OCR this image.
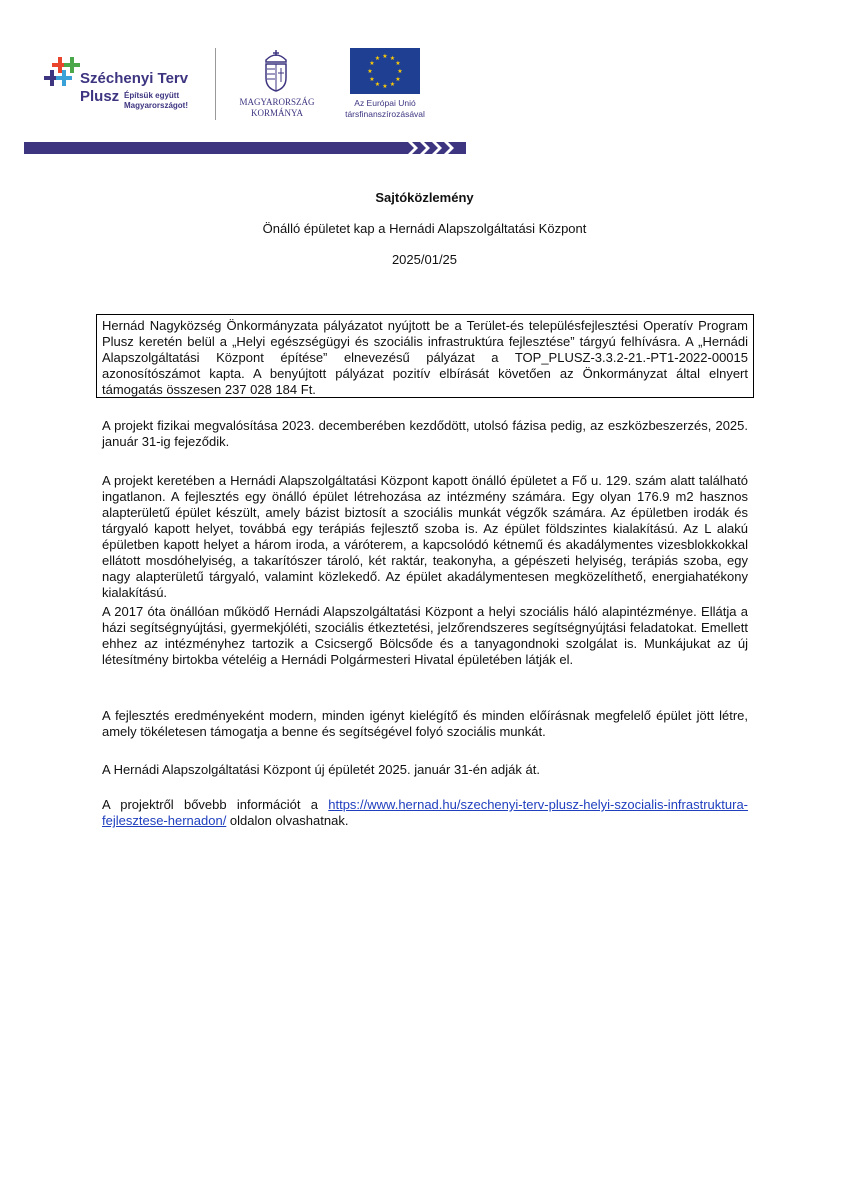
Széchenyi Terv
Plusz Építsük együtt
Magyarországot!	MAGYARORSZÁG
KORMÁNYA
★ ★
★
★
★
★
★
★
★
★
★
★
Az Európai Unió
társfinanszírozásával
Sajtóközlemény
Önálló épületet kap a Hernádi Alapszolgáltatási Központ
2025/01/25

Hernád Nagyközség Önkormányzata pályázatot nyújtott be a Terület-és településfejlesztési Operatív Program Plusz keretén belül a „Helyi egészségügyi és szociális infrastruktúra fejlesztése” tárgyú felhívásra. A „Hernádi Alapszolgáltatási Központ építése” elnevezésű pályázat a TOP_PLUSZ-3.3.2-21.-PT1-2022-00015 azonosítószámot kapta. A benyújtott pályázat pozitív elbírását követően az Önkormányzat által elnyert támogatás összesen 237 028 184 Ft.

A projekt fizikai megvalósítása 2023. decemberében kezdődött, utolsó fázisa pedig, az eszközbeszerzés, 2025. január 31-ig fejeződik.
A projekt keretében a Hernádi Alapszolgáltatási Központ kapott önálló épületet a Fő u. 129. szám alatt található ingatlanon. A fejlesztés egy önálló épület létrehozása az intézmény számára. Egy olyan 176.9 m2 hasznos alapterületű épület készült, amely bázist biztosít a szociális munkát végzők számára. Az épületben irodák és tárgyaló kapott helyet, továbbá egy terápiás fejlesztő szoba is. Az épület földszintes kialakítású. Az L alakú épületben kapott helyet a három iroda, a váróterem, a kapcsolódó kétnemű és akadálymentes vizesblokkokkal ellátott mosdóhelyiség, a takarítószer tároló, két raktár, teakonyha, a gépészeti helyiség, terápiás szoba, egy nagy alapterületű tárgyaló, valamint közlekedő. Az épület akadálymentesen megközelíthető, energiahatékony kialakítású.
A 2017 óta önállóan működő Hernádi Alapszolgáltatási Központ a helyi szociális háló alapintézménye. Ellátja a házi segítségnyújtási, gyermekjóléti, szociális étkeztetési, jelzőrendszeres segítségnyújtási feladatokat. Emellett ehhez az intézményhez tartozik a Csicsergő Bölcsőde és a tanyagondnoki szolgálat is. Munkájukat az új létesítmény birtokba vételéig a Hernádi Polgármesteri Hivatal épületében látják el.
A fejlesztés eredményeként modern, minden igényt kielégítő és minden előírásnak megfelelő épület jött létre, amely tökéletesen támogatja a benne és segítségével folyó szociális munkát.
A Hernádi Alapszolgáltatási Központ új épületét 2025. január 31-én adják át.
A projektről bővebb információt a https://www.hernad.hu/szechenyi-terv-plusz-helyi-szocialis-infrastruktura-fejlesztese-hernadon/ oldalon olvashatnak.
